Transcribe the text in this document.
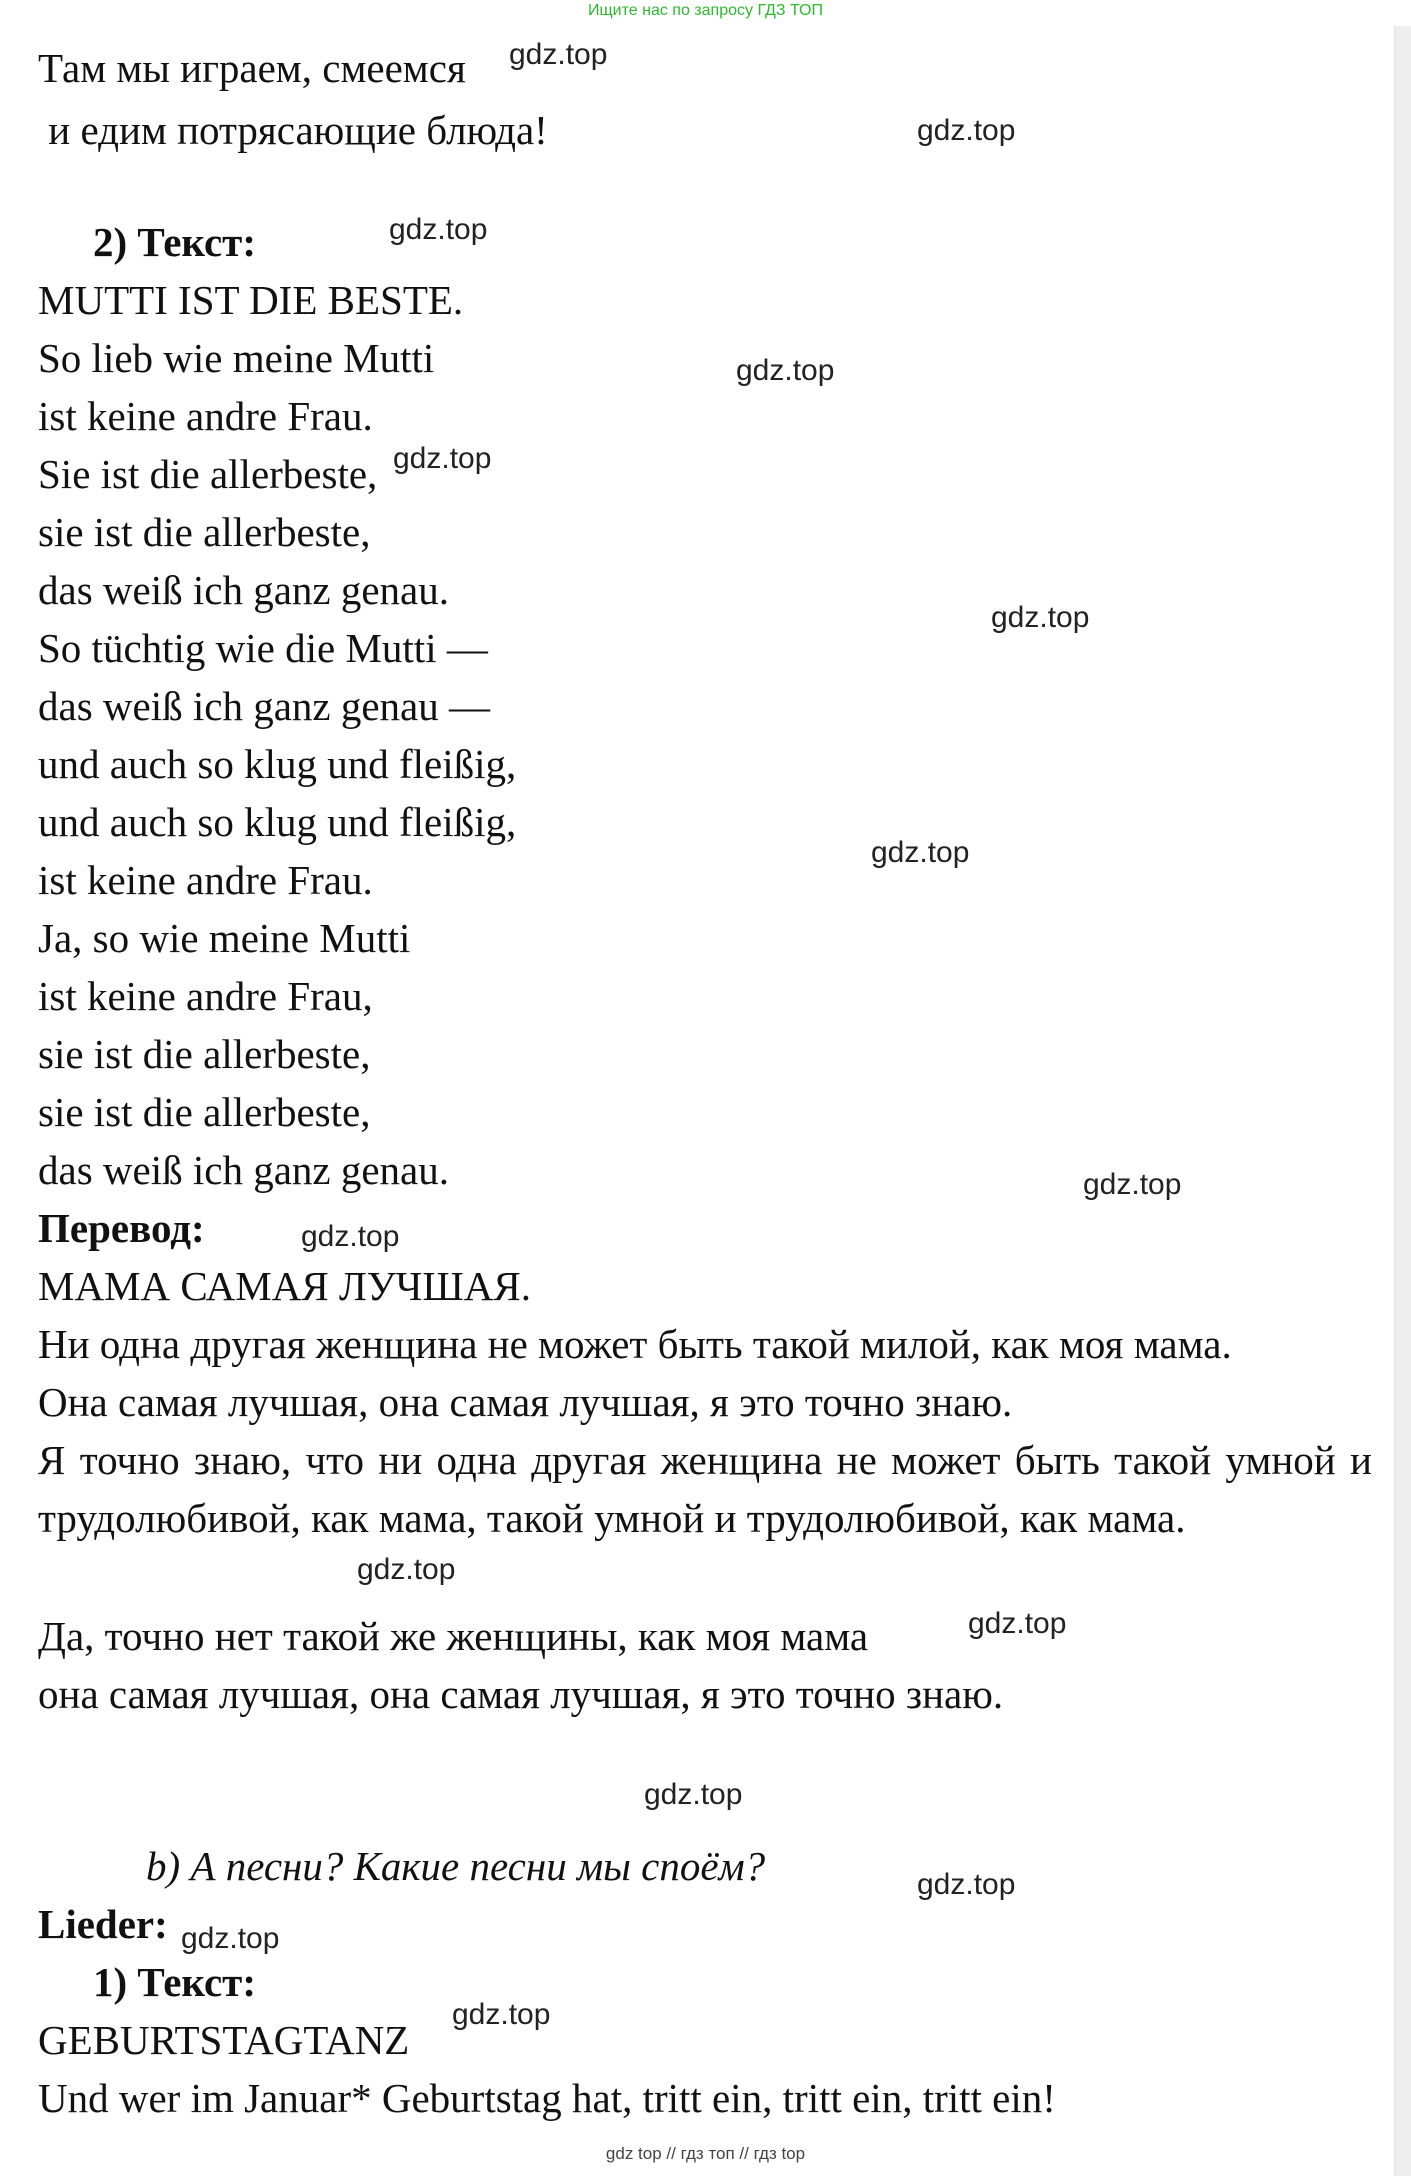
Ищите нас по запросу ГДЗ ТОП
Там мы играем, смеемся
и едим потрясающие блюда!
2) Текст:
MUTTI IST DIE BESTE.
So lieb wie meine Mutti
ist keine andre Frau.
Sie ist die allerbeste,
sie ist die allerbeste,
das weiß ich ganz genau.
So tüchtig wie die Mutti —
das weiß ich ganz genau —
und auch so klug und fleißig,
und auch so klug und fleißig,
ist keine andre Frau.
Ja, so wie meine Mutti
ist keine andre Frau,
sie ist die allerbeste,
sie ist die allerbeste,
das weiß ich ganz genau.
Перевод:
МАМА САМАЯ ЛУЧШАЯ.
Ни одна другая женщина не может быть такой милой, как моя мама.
Она самая лучшая, она самая лучшая, я это точно знаю.
Я точно знаю, что ни одна другая женщина не может быть такой умной и трудолюбивой, как мама, такой умной и трудолюбивой, как мама.
Да, точно нет такой же женщины, как моя мама
она самая лучшая, она самая лучшая, я это точно знаю.
b) А песни? Какие песни мы споём?
Lieder:
1) Текст:
GEBURTSTAGTANZ
Und wer im Januar* Geburtstag hat, tritt ein, tritt ein, tritt ein!
gdz.top
gdz.top
gdz.top
gdz.top
gdz.top
gdz.top
gdz.top
gdz.top
gdz.top
gdz.top
gdz.top
gdz.top
gdz.top
gdz.top
gdz.top
gdz top // гдз топ // гдз top
